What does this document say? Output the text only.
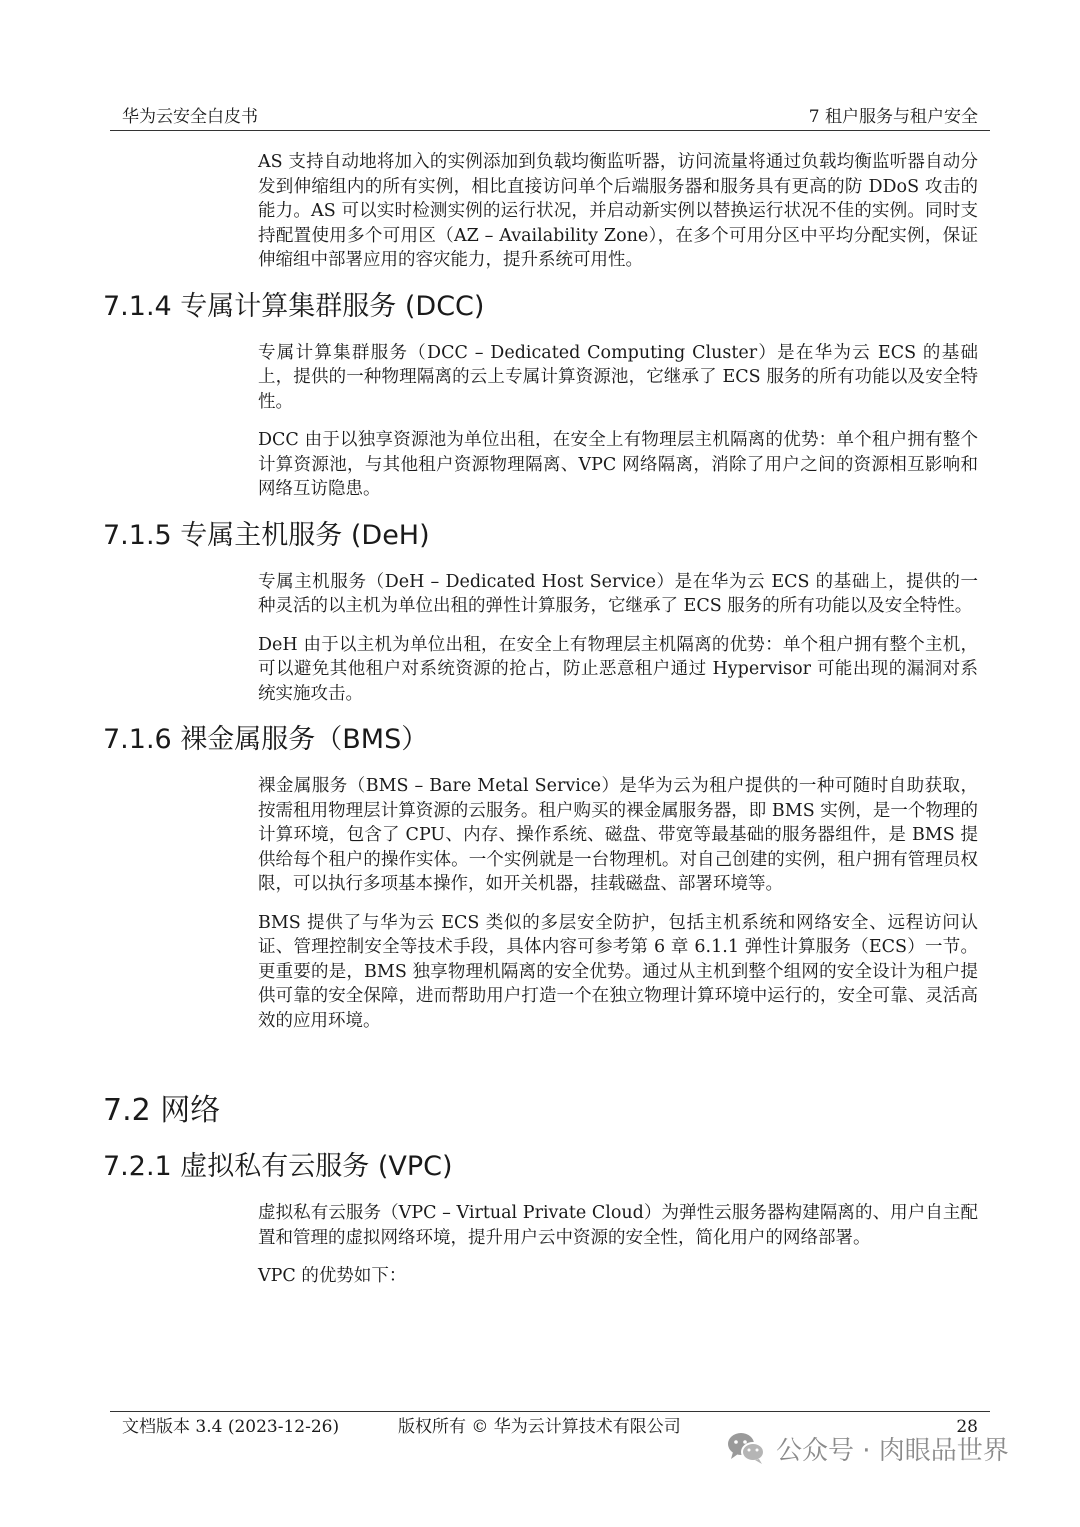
华为云安全白皮书	7 租户服务与租户安全

AS 支持自动地将加入的实例添加到负载均衡监听器，访问流量将通过负载均衡监听器自动分发到伸缩组内的所有实例，相比直接访问单个后端服务器和服务具有更高的防 DDoS 攻击的能力。AS 可以实时检测实例的运行状况，并启动新实例以替换运行状况不佳的实例。同时支持配置使用多个可用区（AZ – Availability Zone），在多个可用分区中平均分配实例，保证伸缩组中部署应用的容灾能力，提升系统可用性。

7.1.4 专属计算集群服务 (DCC)

专属计算集群服务（DCC – Dedicated Computing Cluster）是在华为云 ECS 的基础上，提供的一种物理隔离的云上专属计算资源池，它继承了 ECS 服务的所有功能以及安全特性。

DCC 由于以独享资源池为单位出租，在安全上有物理层主机隔离的优势：单个租户拥有整个计算资源池，与其他租户资源物理隔离、VPC 网络隔离，消除了用户之间的资源相互影响和网络互访隐患。

7.1.5 专属主机服务 (DeH)

专属主机服务（DeH – Dedicated Host Service）是在华为云 ECS 的基础上，提供的一种灵活的以主机为单位出租的弹性计算服务，它继承了 ECS 服务的所有功能以及安全特性。

DeH 由于以主机为单位出租，在安全上有物理层主机隔离的优势：单个租户拥有整个主机，可以避免其他租户对系统资源的抢占，防止恶意租户通过 Hypervisor 可能出现的漏洞对系统实施攻击。

7.1.6 裸金属服务（BMS）

裸金属服务（BMS – Bare Metal Service）是华为云为租户提供的一种可随时自助获取，按需租用物理层计算资源的云服务。租户购买的裸金属服务器，即 BMS 实例，是一个物理的计算环境，包含了 CPU、内存、操作系统、磁盘、带宽等最基础的服务器组件，是 BMS 提供给每个租户的操作实体。一个实例就是一台物理机。对自己创建的实例，租户拥有管理员权限，可以执行多项基本操作，如开关机器，挂载磁盘、部署环境等。

BMS 提供了与华为云 ECS 类似的多层安全防护，包括主机系统和网络安全、远程访问认证、管理控制安全等技术手段，具体内容可参考第 6 章 6.1.1 弹性计算服务（ECS）一节。更重要的是，BMS 独享物理机隔离的安全优势。通过从主机到整个组网的安全设计为租户提供可靠的安全保障，进而帮助用户打造一个在独立物理计算环境中运行的，安全可靠、灵活高效的应用环境。

7.2 网络
7.2.1 虚拟私有云服务 (VPC)

虚拟私有云服务（VPC – Virtual Private Cloud）为弹性云服务器构建隔离的、用户自主配置和管理的虚拟网络环境，提升用户云中资源的安全性，简化用户的网络部署。

VPC 的优势如下：

文档版本 3.4 (2023-12-26)	版权所有 © 华为云计算技术有限公司	28
公众号 · 肉眼品世界
